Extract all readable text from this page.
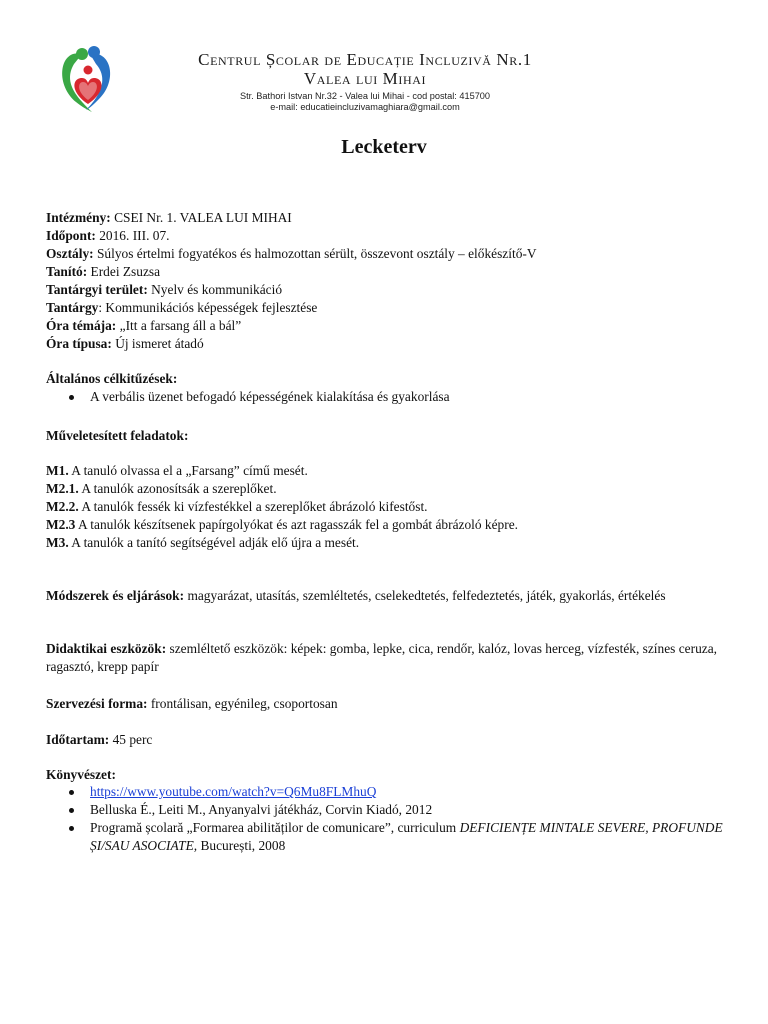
Centrul Școlar de Educație Incluzivă Nr.1
Valea lui Mihai
Str. Bathori Istvan Nr.32 - Valea lui Mihai - cod postal: 415700
e-mail: educatieincluzivamaghiara@gmail.com
Lecketerv
Intézmény: CSEI Nr. 1. VALEA LUI MIHAI
Időpont: 2016. III. 07.
Osztály: Súlyos értelmi fogyatékos és halmozottan sérült, összevont osztály – előkészítő-V
Tanító: Erdei Zsuzsa
Tantárgyi terület: Nyelv és kommunikáció
Tantárgy: Kommunikációs képességek fejlesztése
Óra témája: „Itt a farsang áll a bál”
Óra típusa: Új ismeret átadó
Általános célkitűzések:
A verbális üzenet befogadó képességének kialakítása és gyakorlása
Műveletesített feladatok:
M1. A tanuló olvassa el a „Farsang” című mesét.
M2.1. A tanulók azonosítsák a szereplőket.
M2.2. A tanulók fessék ki vízfestékkel a szereplőket ábrázoló kifestőst.
M2.3 A tanulók készítsenek papírgolyókat és azt ragasszák fel a gombát ábrázoló képre.
M3. A tanulók a tanító segítségével adják elő újra a mesét.
Módszerek és eljárások: magyarázat, utasítás, szemléltetés, cselekedtetés, felfedeztetés, játék, gyakorlás, értékelés
Didaktikai eszközök: szemléltető eszközök: képek: gomba, lepke, cica, rendőr, kalóz, lovas herceg, vízfesték, színes ceruza, ragasztó, krepp papír
Szervezési forma: frontálisan, egyénileg, csoportosan
Időtartam: 45 perc
Könyvészet:
https://www.youtube.com/watch?v=Q6Mu8FLMhuQ
Belluska É., Leiti M., Anyanyalvi játékház, Corvin Kiadó, 2012
Programă școlară „Formarea abilităților de comunicare”, curriculum DEFICIENȚE MINTALE SEVERE, PROFUNDE ȘI/SAU ASOCIATE, București, 2008
